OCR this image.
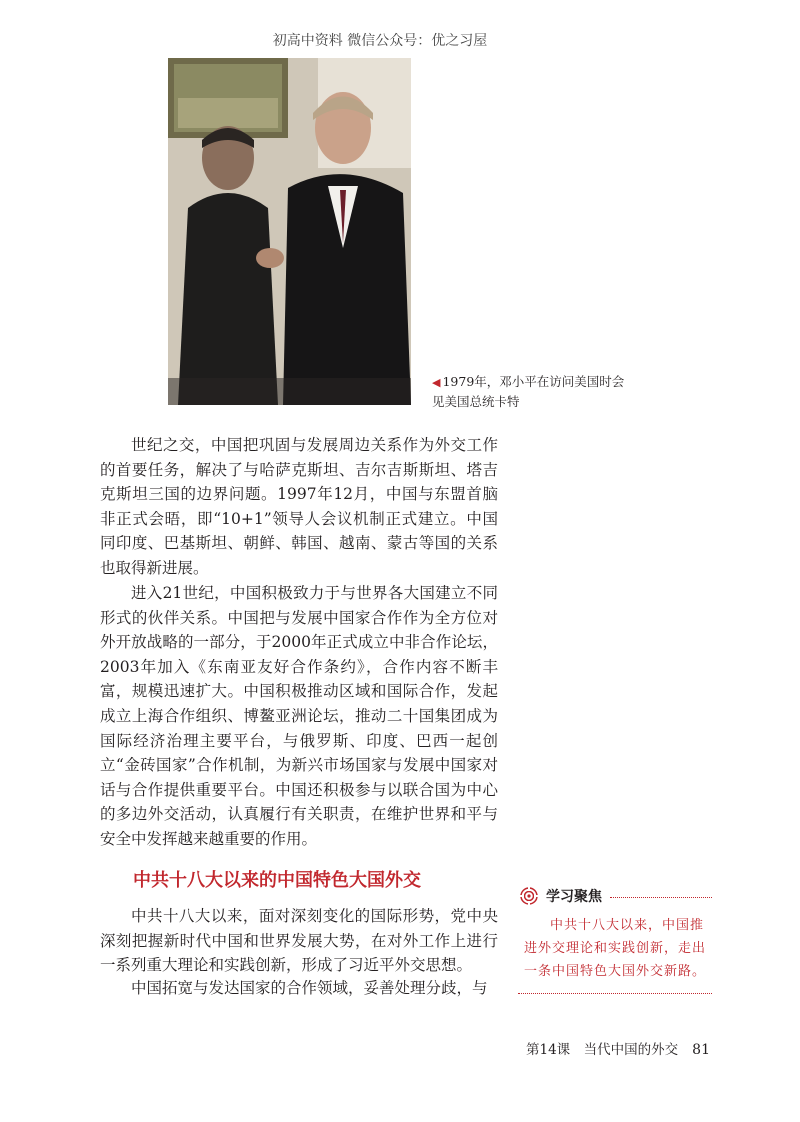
初高中资料 微信公众号：优之习屋
◀ 1979年，邓小平在访问美国时会见美国总统卡特

世纪之交，中国把巩固与发展周边关系作为外交工作的首要任务，解决了与哈萨克斯坦、吉尔吉斯斯坦、塔吉克斯坦三国的边界问题。1997年12月，中国与东盟首脑非正式会晤，即“10+1”领导人会议机制正式建立。中国同印度、巴基斯坦、朝鲜、韩国、越南、蒙古等国的关系也取得新进展。

进入21世纪，中国积极致力于与世界各大国建立不同形式的伙伴关系。中国把与发展中国家合作作为全方位对外开放战略的一部分，于2000年正式成立中非合作论坛，2003年加入《东南亚友好合作条约》，合作内容不断丰富，规模迅速扩大。中国积极推动区域和国际合作，发起成立上海合作组织、博鳌亚洲论坛，推动二十国集团成为国际经济治理主要平台，与俄罗斯、印度、巴西一起创立“金砖国家”合作机制，为新兴市场国家与发展中国家对话与合作提供重要平台。中国还积极参与以联合国为中心的多边外交活动，认真履行有关职责，在维护世界和平与安全中发挥越来越重要的作用。

中共十八大以来的中国特色大国外交

中共十八大以来，面对深刻变化的国际形势，党中央深刻把握新时代中国和世界发展大势，在对外工作上进行一系列重大理论和实践创新，形成了习近平外交思想。

中国拓宽与发达国家的合作领域，妥善处理分歧，与

学习聚焦
中共十八大以来，中国推进外交理论和实践创新，走出一条中国特色大国外交新路。
第14课　当代中国的外交 81
